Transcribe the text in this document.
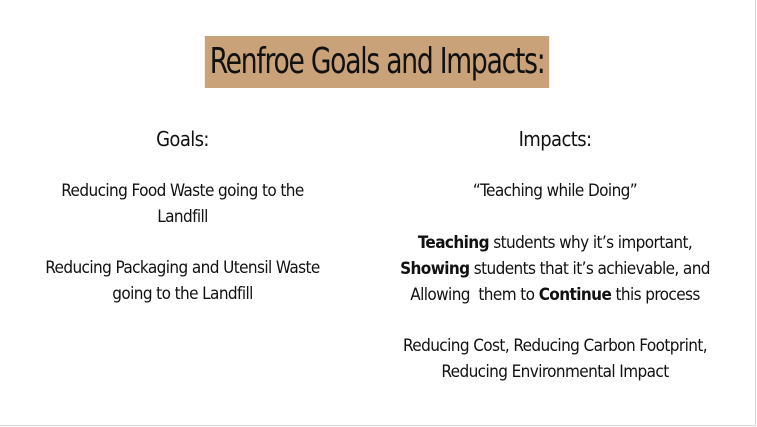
Renfroe Goals and Impacts:
Goals:
Reducing Food Waste going to the Landfill
Reducing Packaging and Utensil Waste going to the Landfill
Impacts:
“Teaching while Doing”
Teaching students why it’s important,
Showing students that it’s achievable, and
Allowing  them to Continue this process
Reducing Cost, Reducing Carbon Footprint,
Reducing Environmental Impact
